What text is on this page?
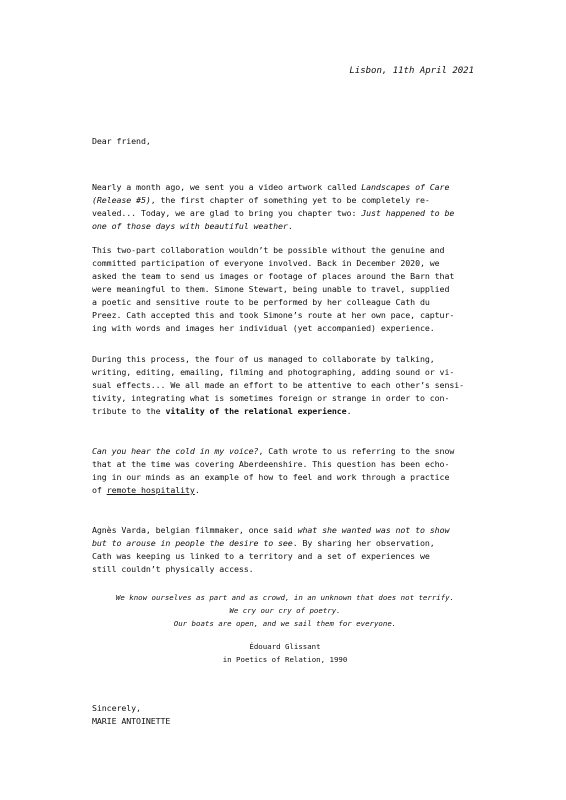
Lisbon, 11th April 2021
Dear friend,
Nearly a month ago, we sent you a video artwork called Landscapes of Care
(Release #5), the first chapter of something yet to be completely re-
vealed... Today, we are glad to bring you chapter two: Just happened to be
one of those days with beautiful weather.
This two-part collaboration wouldn’t be possible without the genuine and
committed participation of everyone involved. Back in December 2020, we
asked the team to send us images or footage of places around the Barn that
were meaningful to them. Simone Stewart, being unable to travel, supplied
a poetic and sensitive route to be performed by her colleague Cath du
Preez. Cath accepted this and took Simone’s route at her own pace, captur-
ing with words and images her individual (yet accompanied) experience.
During this process, the four of us managed to collaborate by talking,
writing, editing, emailing, filming and photographing, adding sound or vi-
sual effects... We all made an effort to be attentive to each other’s sensi-
tivity, integrating what is sometimes foreign or strange in order to con-
tribute to the vitality of the relational experience.
Can you hear the cold in my voice?, Cath wrote to us referring to the snow
that at the time was covering Aberdeenshire. This question has been echo-
ing in our minds as an example of how to feel and work through a practice
of remote hospitality.
Agnès Varda, belgian filmmaker, once said what she wanted was not to show
but to arouse in people the desire to see. By sharing her observation,
Cath was keeping us linked to a territory and a set of experiences we
still couldn’t physically access.
We know ourselves as part and as crowd, in an unknown that does not terrify.
We cry our cry of poetry.
Our boats are open, and we sail them for everyone.
Édouard Glissant
in Poetics of Relation, 1990
Sincerely,
MARIE ANTOINETTE
